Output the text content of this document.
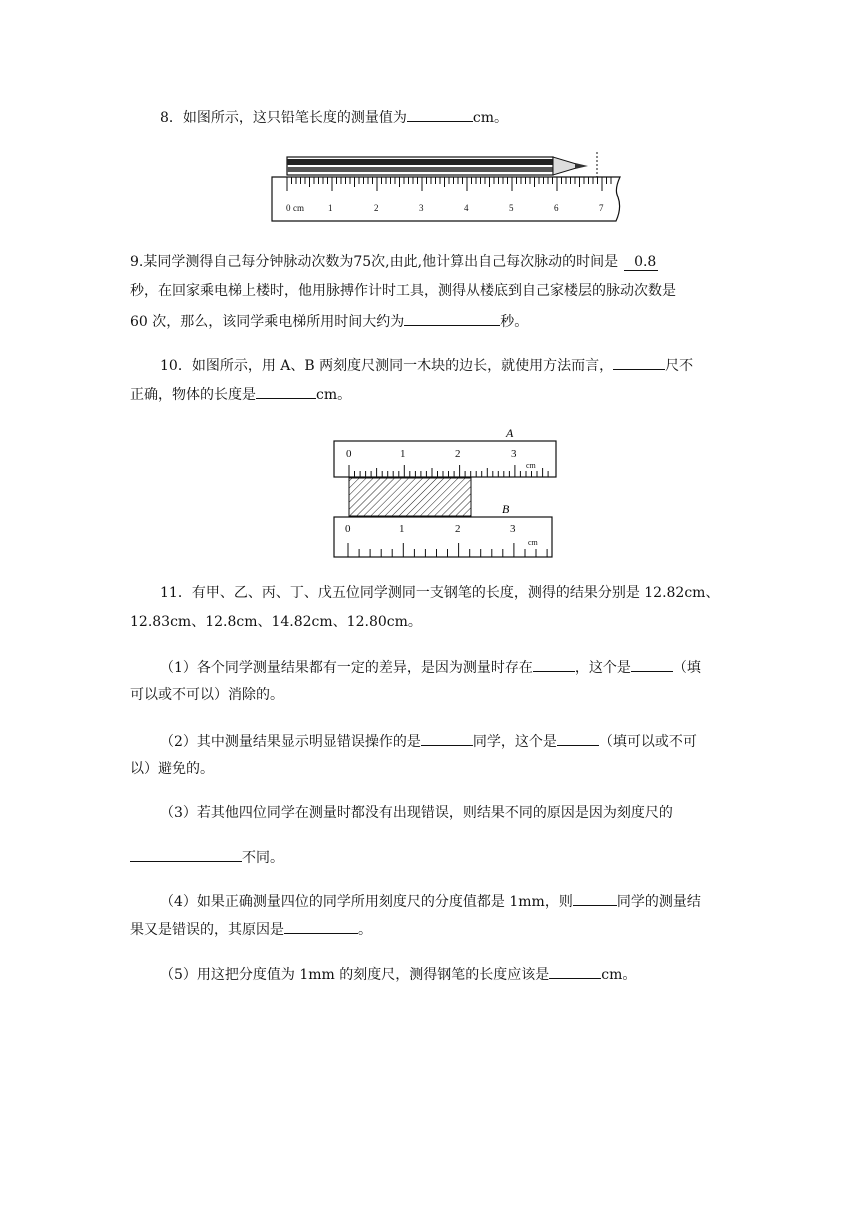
8．如图所示，这只铅笔长度的测量值为	cm。
0 cm	1	2	3	4	5	6	7
9.某同学测得自己每分钟脉动次数为75次,由此,他计算出自己每次脉动的时间是 0.8
秒，在回家乘电梯上楼时，他用脉搏作计时工具，测得从楼底到自己家楼层的脉动次数是
60 次，那么，该同学乘电梯所用时间大约为	秒。
10．如图所示，用 A、B 两刻度尺测同一木块的边长，就使用方法而言，	尺不
正确，物体的长度是	cm。
A
0	1	2	3
cm
B
0	1	2	3
cm
11．有甲、乙、丙、丁、戊五位同学测同一支钢笔的长度，测得的结果分别是 12.82cm、
12.83cm、12.8cm、14.82cm、12.80cm。
（1）各个同学测量结果都有一定的差异，是因为测量时存在	，这个是	（填
可以或不可以）消除的。
（2）其中测量结果显示明显错误操作的是	同学，这个是	（填可以或不可
以）避免的。
（3）若其他四位同学在测量时都没有出现错误，则结果不同的原因是因为刻度尺的
不同。
（4）如果正确测量四位的同学所用刻度尺的分度值都是 1mm，则	同学的测量结
果又是错误的，其原因是	。
（5）用这把分度值为 1mm 的刻度尺，测得钢笔的长度应该是	cm。
